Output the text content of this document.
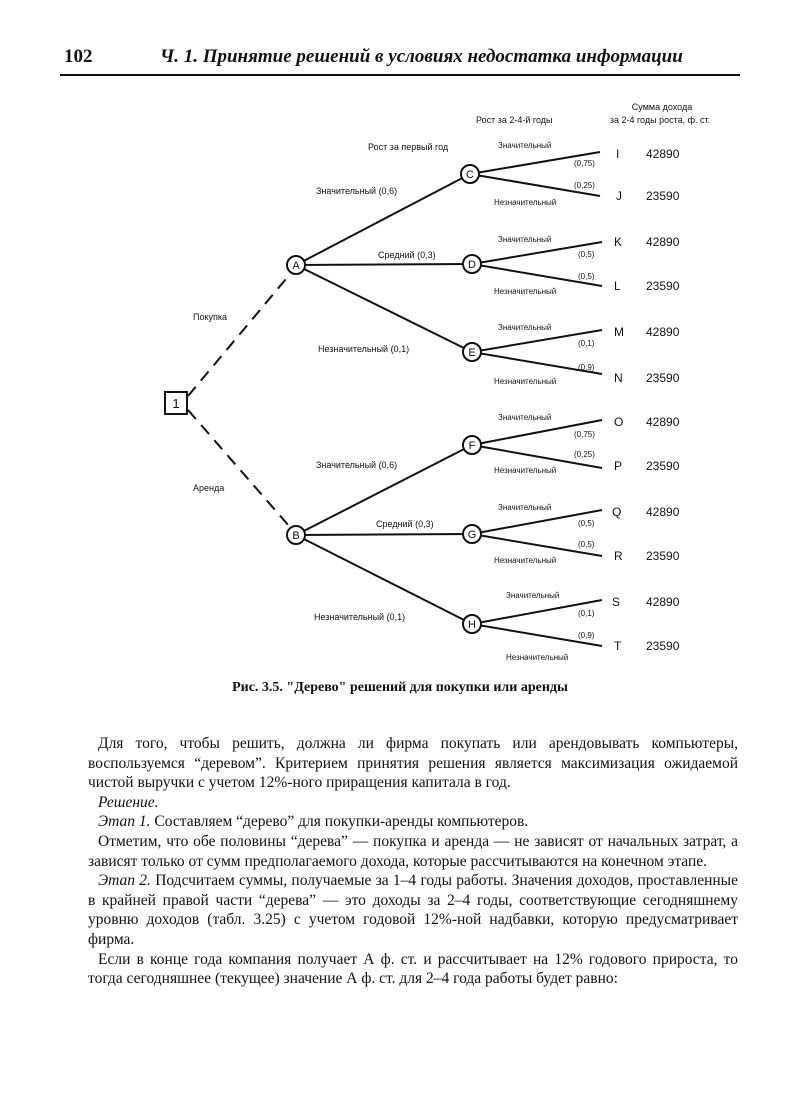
102	Ч. 1. Принятие решений в условиях недостатка информации
Рост за первый год
Рост за 2-4-й годы
Сумма дохода
за 2-4 годы роста, ф. ст.
1
Покупка
Аренда
Значительный (0,6)
Средний (0,3)
Незначительный (0,1)
Значительный (0,6)
Средний (0,3)
Незначительный (0,1)
A
B
C
D
E
F
G
H
Значительный
(0,75)
I 42890
(0,25)
Незначительный	J 23590
Значительный
(0,5)
K 42890
(0,5)
Незначительный	L 23590
Значительный
(0,1)
M 42890
(0,9)
Незначительный	N 23590
Значительный
(0,75)
O 42890
(0,25)
Незначительный	P 23590
Значительный
(0,5)
Q 42890
(0,5)
Незначительный	R 23590
Значительный
(0,1)
S 42890
(0,9)
Незначительный
T 23590
Рис. 3.5. "Дерево" решений для покупки или аренды

Для того, чтобы решить, должна ли фирма покупать или арендовывать компьютеры, воспользуемся “деревом”. Критерием принятия решения является максимизация ожидаемой чистой выручки с учетом 12%-ного приращения капитала в год.

Решение.

Этап 1. Составляем “дерево” для покупки-аренды компьютеров.

Отметим, что обе половины “дерева” — покупка и аренда — не зависят от начальных затрат, а зависят только от сумм предполагаемого дохода, которые рассчитываются на конечном этапе.

Этап 2. Подсчитаем суммы, получаемые за 1–4 годы работы. Значения доходов, проставленные в крайней правой части “дерева” — это доходы за 2–4 годы, соответствующие сегодняшнему уровню доходов (табл. 3.25) с учетом годовой 12%-ной надбавки, которую предусматривает фирма.

Если в конце года компания получает А ф. ст. и рассчитывает на 12% годового прироста, то тогда сегодняшнее (текущее) значение А ф. ст. для 2–4 года работы будет равно:
